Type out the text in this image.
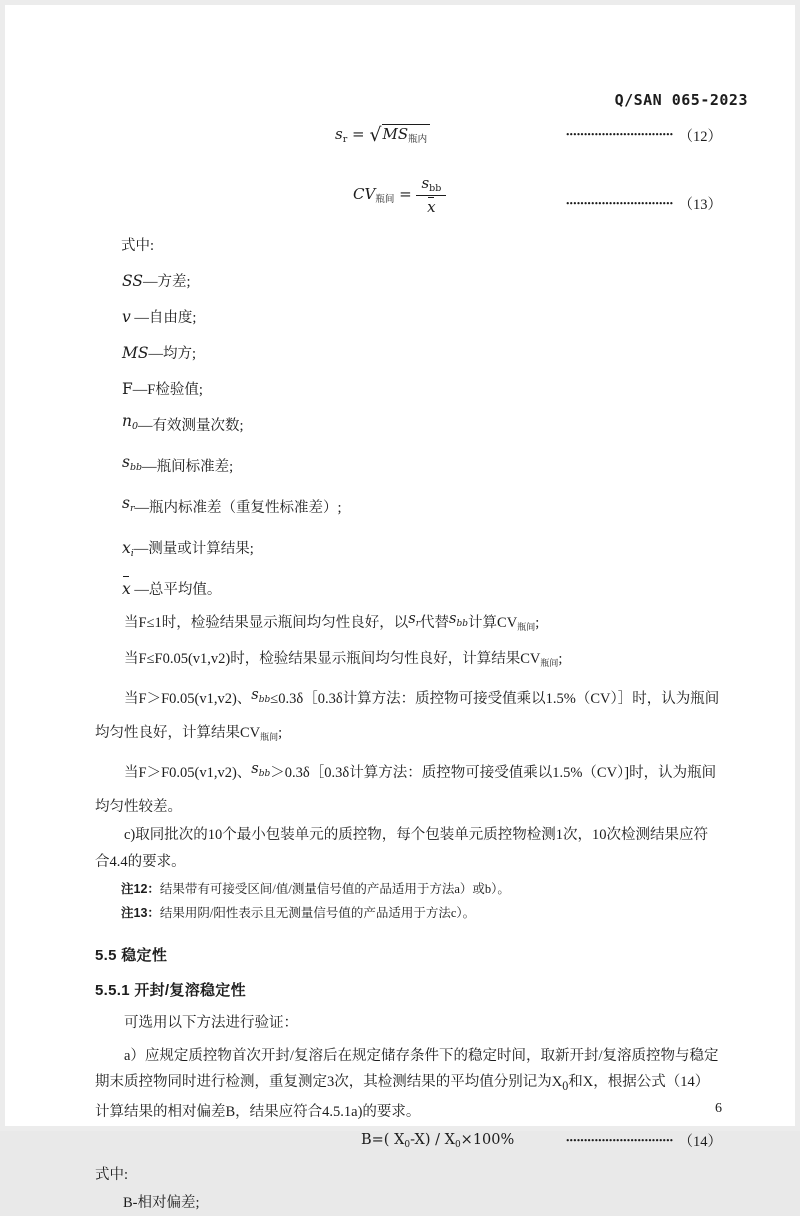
Q/SAN 065-2023
$s_r = √MS_{瓶内}$	•••••••••••••••••••••••••••••• （12）
$CV_{瓶间} = \frac{s_{bb}}{x}$	•••••••••••••••••••••••••••••• （13）
式中:
SS—方差;
v —自由度;
MS—均方;
F—F检验值;
$n_0—$有效测量次数;
$s_{bb}—$瓶间标准差;
$s_r—$瓶内标准差（重复性标准差）;
$x_i—$测量或计算结果;
x —总平均值。

当F≤1时，检验结果显示瓶间均匀性良好，以$s_r$代替$s_{bb}$计算$CV_{瓶间}$;

当F≤F0.05(v1,v2)时，检验结果显示瓶间均匀性良好，计算结果$CV_{瓶间}$;

当F＞F0.05(v1,v2)、$s_{bb}\le 0.3\delta[0.3\delta$计算方法：质控物可接受值乘以1.5%（CV）］时，认为瓶间均匀性良好，计算结果$CV_{瓶间}$;

当F＞F0.05(v1,v2)、$s_{bb}>0.3\delta[0.3\delta$计算方法：质控物可接受值乘以1.5%（CV）]时，认为瓶间均匀性较差。

c)取同批次的10个最小包装单元的质控物，每个包装单元质控物检测1次，10次检测结果应符合4.4的要求。

注12：结果带有可接受区间/值/测量信号值的产品适用于方法a）或b）。
注13：结果用阴/阳性表示且无测量信号值的产品适用于方法c）。
5.5 稳定性
5.5.1 开封/复溶稳定性

可选用以下方法进行验证：

a）应规定质控物首次开封/复溶后在规定储存条件下的稳定时间，取新开封/复溶质控物与稳定期末质控物同时进行检测，重复测定3次，其检测结果的平均值分别记为$X_0$和X，根据公式（14）计算结果的相对偏差B，结果应符合4.5.1a)的要求。

B=( $X_0-X) / X_0\times 100\%$	•••••••••••••••••••••••••••••• （14）
式中:
B-相对偏差;
6
